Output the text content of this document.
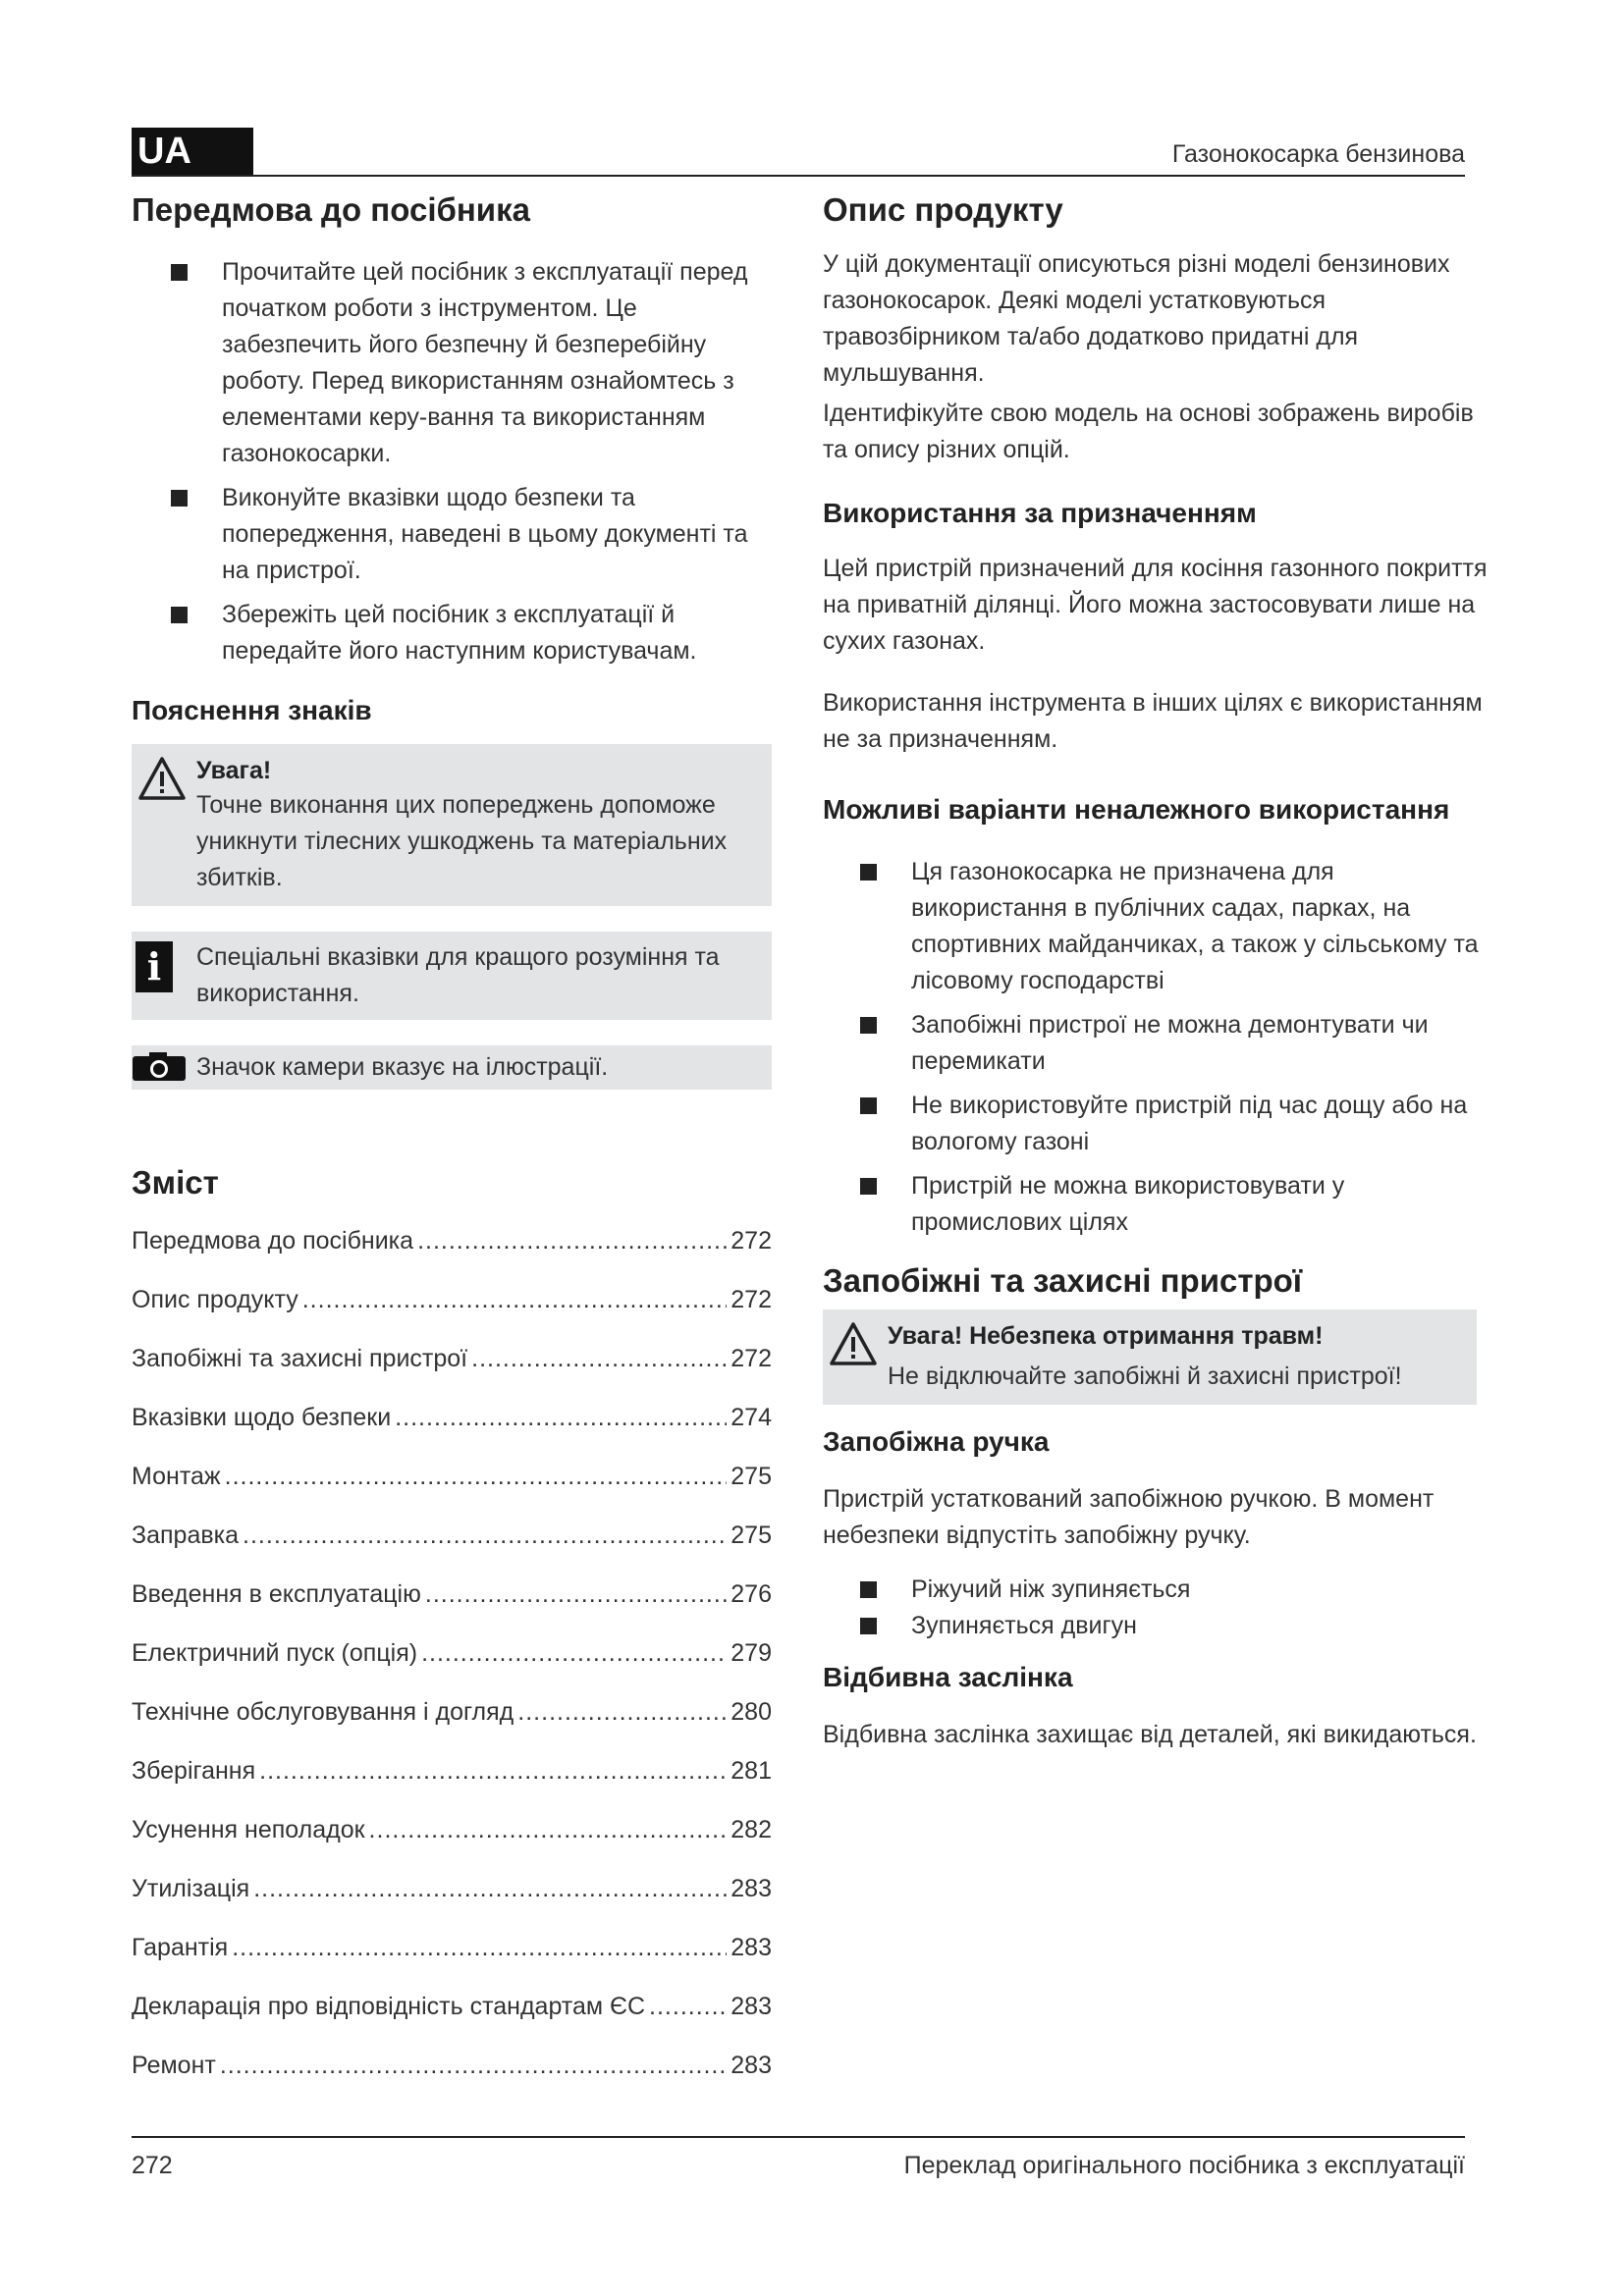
UA	Газонокосарка бензинова
Передмова до посібника
Прочитайте цей посібник з експлуатації перед початком роботи з інструментом. Це забезпечить його безпечну й безперебійну роботу. Перед використанням ознайомтесь з елементами керу-вання та використанням газонокосарки.
Виконуйте вказівки щодо безпеки та попередження, наведені в цьому документі та на пристрої.
Збережіть цей посібник з експлуатації й передайте його наступним користувачам.
Пояснення знаків
Увага!
Точне виконання цих попереджень допоможе уникнути тілесних ушкоджень та матеріальних збитків.
i	Спеціальні вказівки для кращого розуміння та використання.
Значок камери вказує на ілюстрації.
Зміст
Передмова до посібника .....	272
Опис продукту .....	272
Запобіжні та захисні пристрої .....	272
Вказівки щодо безпеки .....	274
Монтаж .....	275
Заправка .....	275
Введення в експлуатацію .....	276
Електричний пуск (опція) .....	279
Технічне обслуговування і догляд .....	280
Зберігання .....	281
Усунення неполадок .....	282
Утилізація .....	283
Гарантія .....	283
Декларація про відповідність стандартам ЄС .....	283
Ремонт .....	283
Опис продукту

У цій документації описуються різні моделі бензинових газонокосарок. Деякі моделі устатковуються травозбірником та/або додатково придатні для мульшування.

Ідентифікуйте свою модель на основі зображень виробів та опису різних опцій.

Використання за призначенням

Цей пристрій призначений для косіння газонного покриття на приватній ділянці. Його можна застосовувати лише на сухих газонах.

Використання інструмента в інших цілях є використанням не за призначенням.

Можливі варіанти неналежного використання
Ця газонокосарка не призначена для використання в публічних садах, парках, на спортивних майданчиках, а також у сільському та лісовому господарстві
Запобіжні пристрої не можна демонтувати чи перемикати
Не використовуйте пристрій під час дощу або на вологому газоні
Пристрій не можна використовувати у промислових цілях
Запобіжні та захисні пристрої
Увага! Небезпека отримання травм!
Не відключайте запобіжні й захисні пристрої!
Запобіжна ручка

Пристрій устаткований запобіжною ручкою. В момент небезпеки відпустіть запобіжну ручку.

Ріжучий ніж зупиняється
Зупиняється двигун
Відбивна заслінка

Відбивна заслінка захищає від деталей, які викидаються.

272	Переклад оригінального посібника з експлуатації
